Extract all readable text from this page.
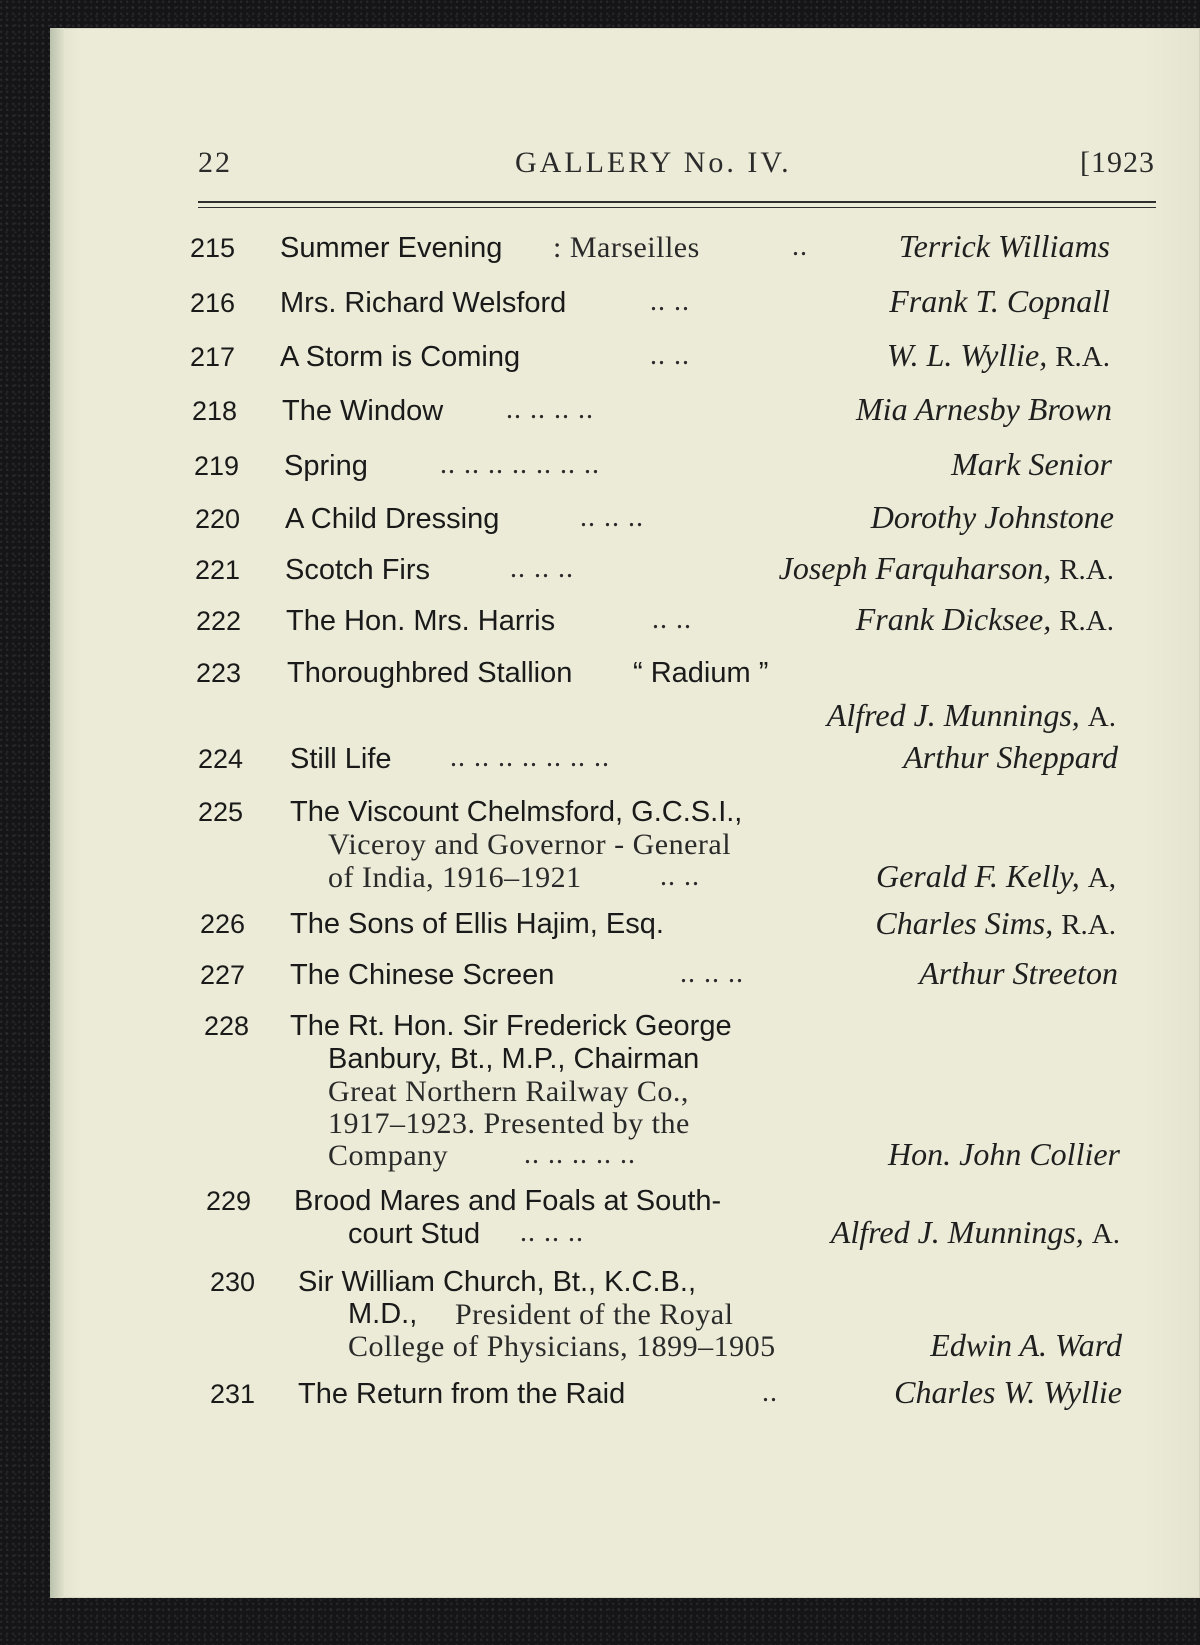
22	GALLERY No. IV.	[1923
215 Summer Evening : Marseilles	..	Terrick Williams
216 Mrs. Richard Welsford	.. ..	Frank T. Copnall
217 A Storm is Coming	.. ..	W. L. Wyllie, R.A.
218 The Window .. .. .. ..	Mia Arnesby Brown
219 Spring	.. .. .. .. .. .. ..	Mark Senior
220 A Child Dressing	.. .. ..	Dorothy Johnstone
221 Scotch Firs	.. .. ..	Joseph Farquharson, R.A.
222 The Hon. Mrs. Harris	.. ..	Frank Dicksee, R.A.
223 Thoroughbred Stallion “ Radium ”
Alfred J. Munnings, A.
224 Still Life .. .. .. .. .. .. ..	Arthur Sheppard
225 The Viscount Chelmsford, G.C.S.I.,
Viceroy and Governor - General
of India, 1916–1921	.. ..	Gerald F. Kelly, A,
226 The Sons of Ellis Hajim, Esq.	Charles Sims, R.A.
227 The Chinese Screen	.. .. ..	Arthur Streeton
228 The Rt. Hon. Sir Frederick George
Banbury, Bt., M.P., Chairman
Great Northern Railway Co.,
1917–1923. Presented by the
Company	.. .. .. .. ..	Hon. John Collier
229 Brood Mares and Foals at South-
court Stud .. .. ..	Alfred J. Munnings, A.
230 Sir William Church, Bt., K.C.B.,
M.D., President of the Royal
College of Physicians, 1899–1905	Edwin A. Ward
231 The Return from the Raid	..	Charles W. Wyllie
